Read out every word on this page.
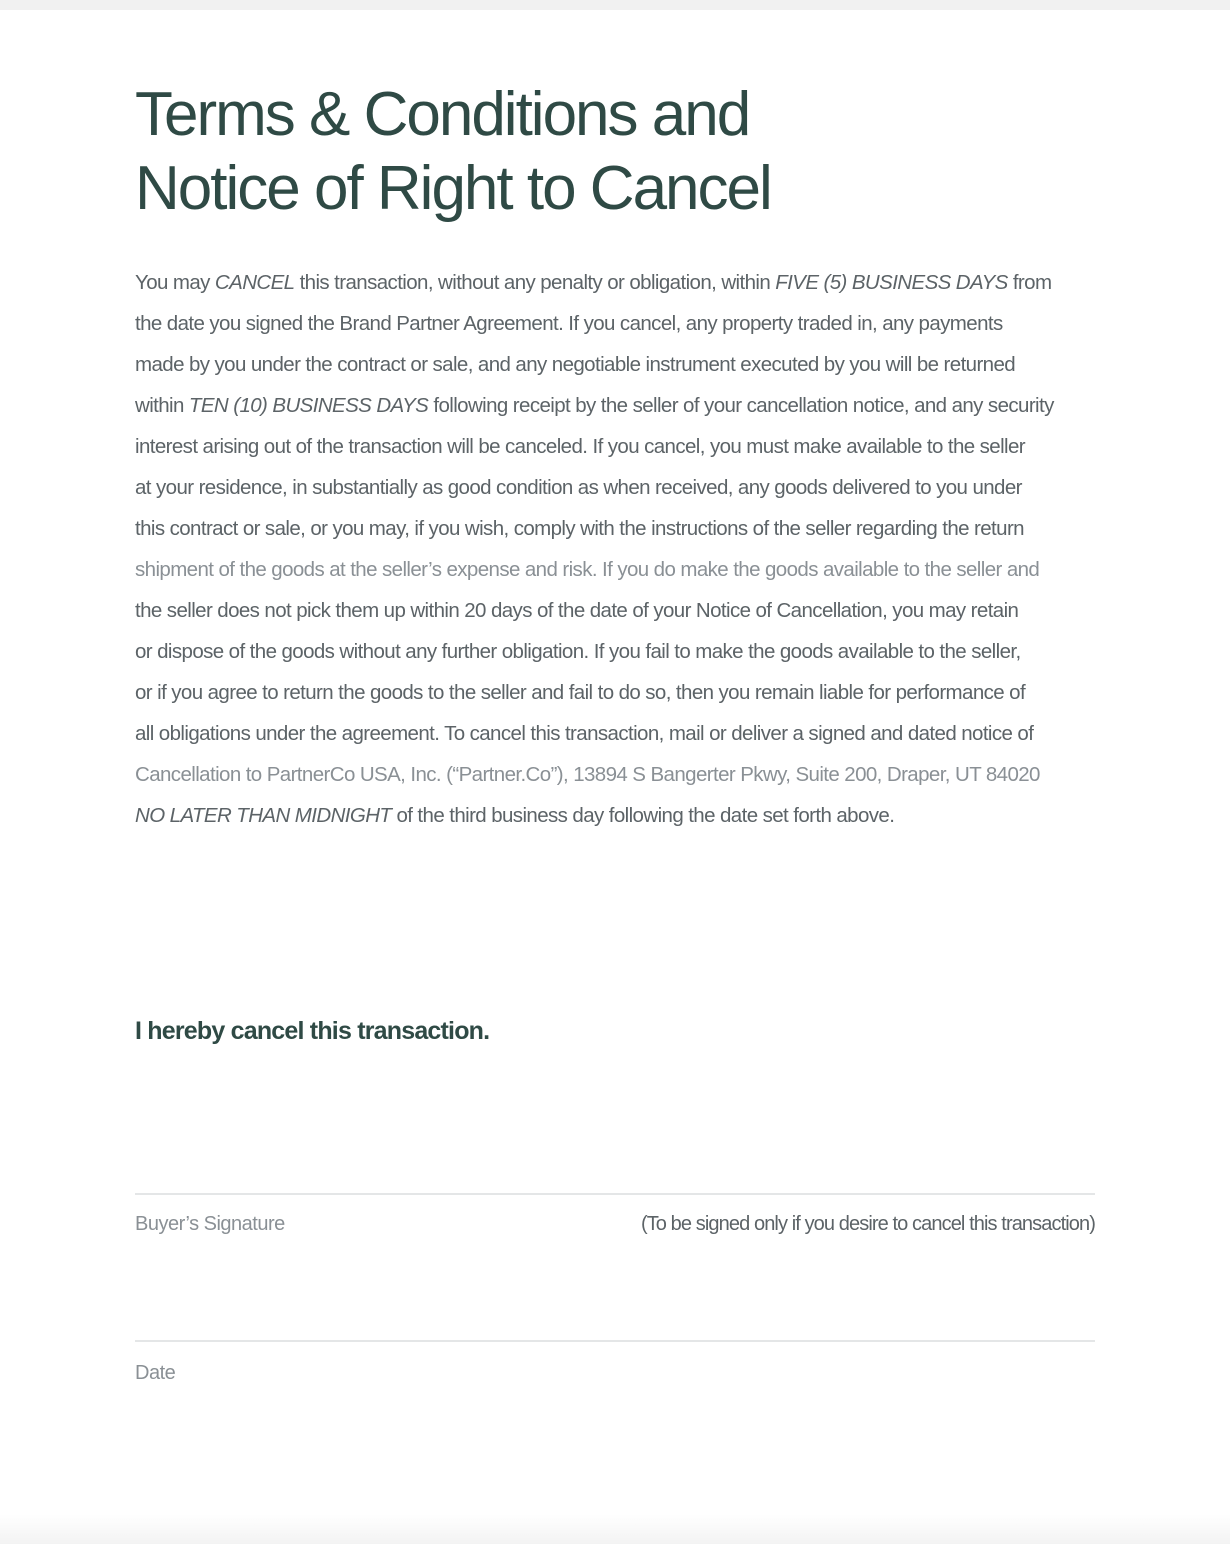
Terms & Conditions and
Notice of Right to Cancel

You may CANCEL this transaction, without any penalty or obligation, within FIVE (5) BUSINESS DAYS from
the date you signed the Brand Partner Agreement. If you cancel, any property traded in, any payments
made by you under the contract or sale, and any negotiable instrument executed by you will be returned
within TEN (10) BUSINESS DAYS following receipt by the seller of your cancellation notice, and any security
interest arising out of the transaction will be canceled. If you cancel, you must make available to the seller
at your residence, in substantially as good condition as when received, any goods delivered to you under
this contract or sale, or you may, if you wish, comply with the instructions of the seller regarding the return
shipment of the goods at the seller’s expense and risk. If you do make the goods available to the seller and
the seller does not pick them up within 20 days of the date of your Notice of Cancellation, you may retain
or dispose of the goods without any further obligation. If you fail to make the goods available to the seller,
or if you agree to return the goods to the seller and fail to do so, then you remain liable for performance of
all obligations under the agreement. To cancel this transaction, mail or deliver a signed and dated notice of
Cancellation to PartnerCo USA, Inc. (“Partner.Co”), 13894 S Bangerter Pkwy, Suite 200, Draper, UT 84020
NO LATER THAN MIDNIGHT of the third business day following the date set forth above.

I hereby cancel this transaction.
Buyer’s Signature	(To be signed only if you desire to cancel this transaction)
Date
